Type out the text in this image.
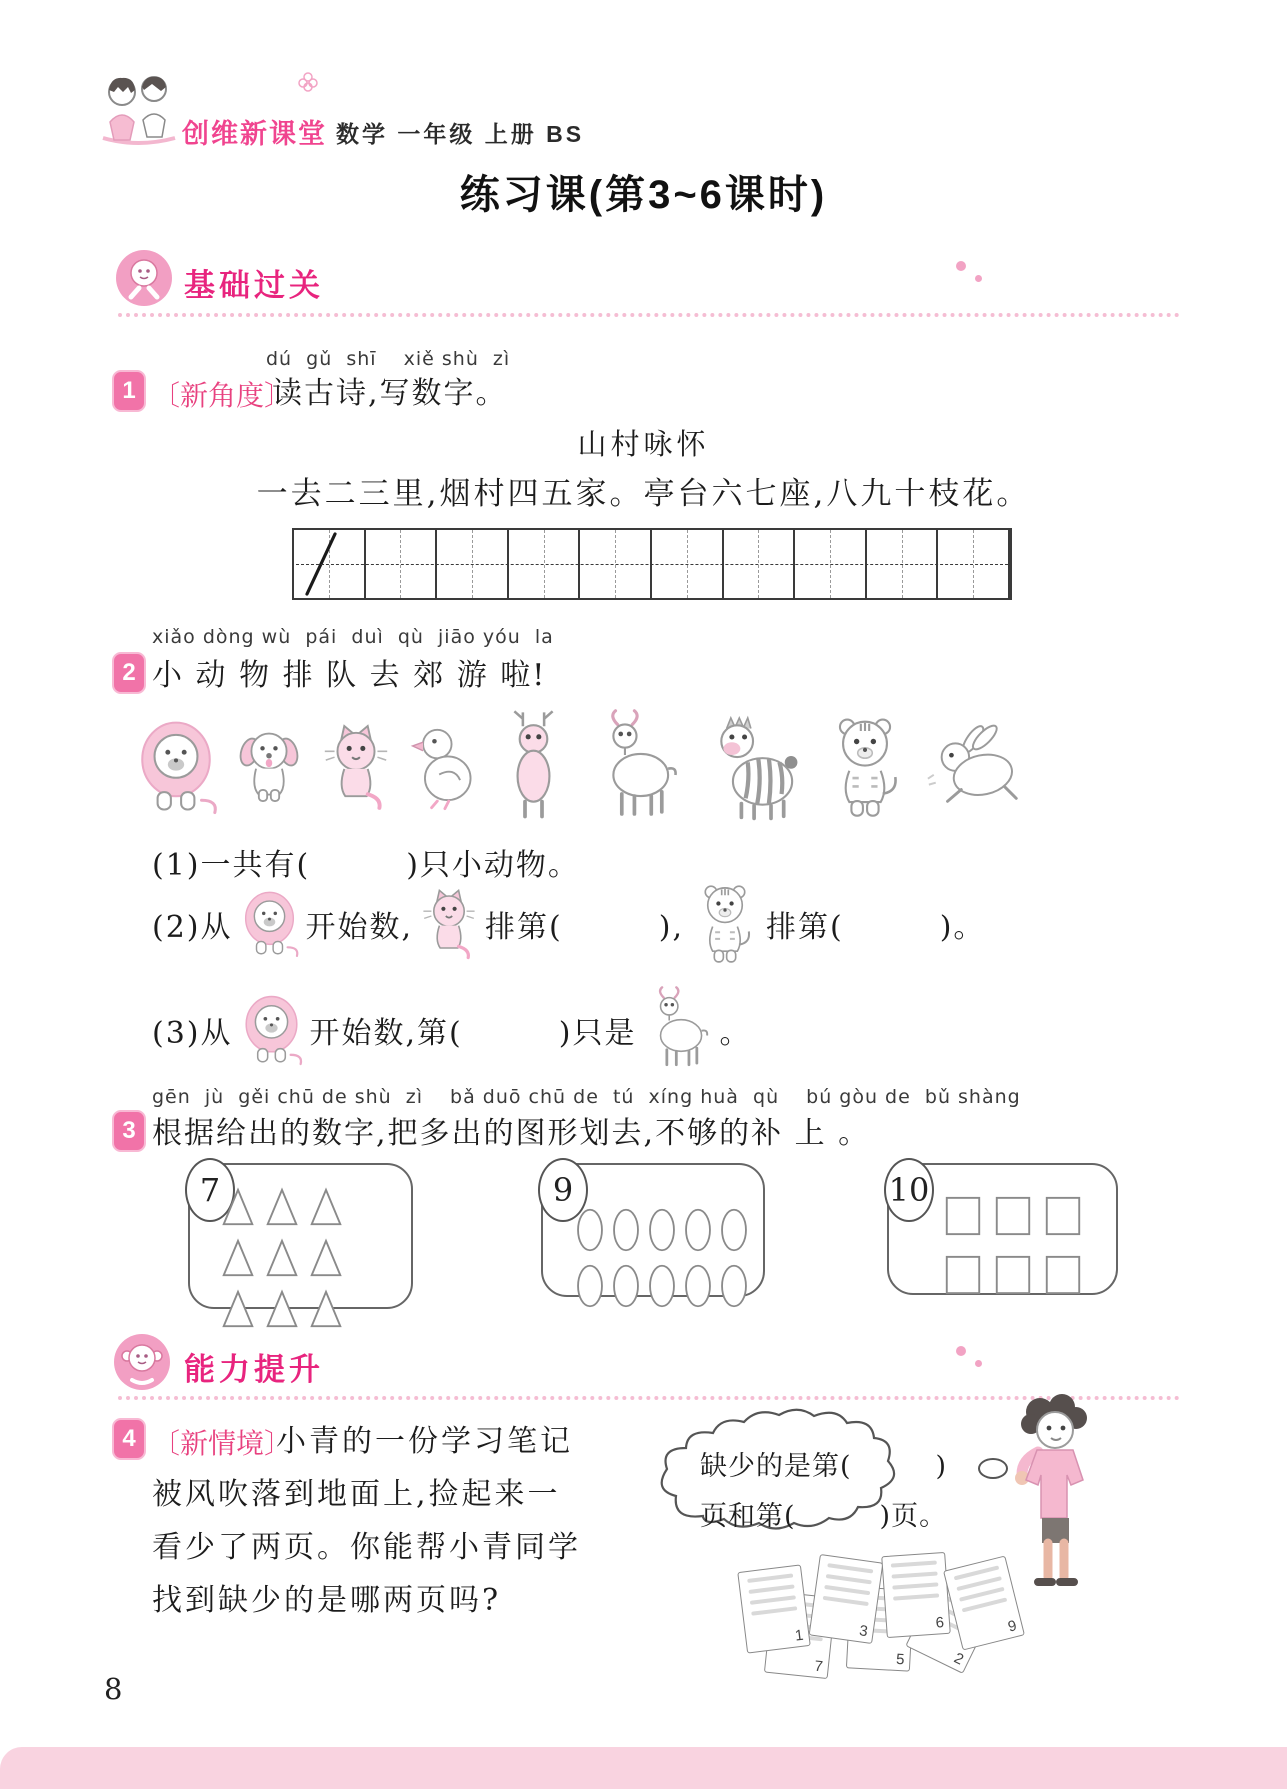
创维新课堂 数学 一年级 上册 BS
练习课(第3~6课时)
基础过关
dú  gǔ  shī　 xiě shù  zì
1 〔新角度〕
读古诗,写数字。
山村咏怀
一去二三里,烟村四五家。亭台六七座,八九十枝花。
xiǎo dòng wù  pái  duì  qù  jiāo yóu  la
2 小 动 物 排 队 去 郊 游 啦!
(1)一共有(　　　)只小动物。
(2)从 开始数, 排第(　　　),	排第(　　　)。
(3)从	开始数,第(　　　)只是	。
gēn  jù  gěi chū de shù  zì　 bǎ duō chū de  tú  xíng huà  qù　 bú gòu de  bǔ shàng
3 根据给出的数字,把多出的图形划去,不够的补 上 。
7	9	10
能力提升
4 〔新情境〕
小青的一份学习笔记
被风吹落到地面上,捡起来一
看少了两页。你能帮小青同学
找到缺少的是哪两页吗?
缺少的是第(　　　)
页和第(　　　)页。
1
7
3
5
6
2
9
8
